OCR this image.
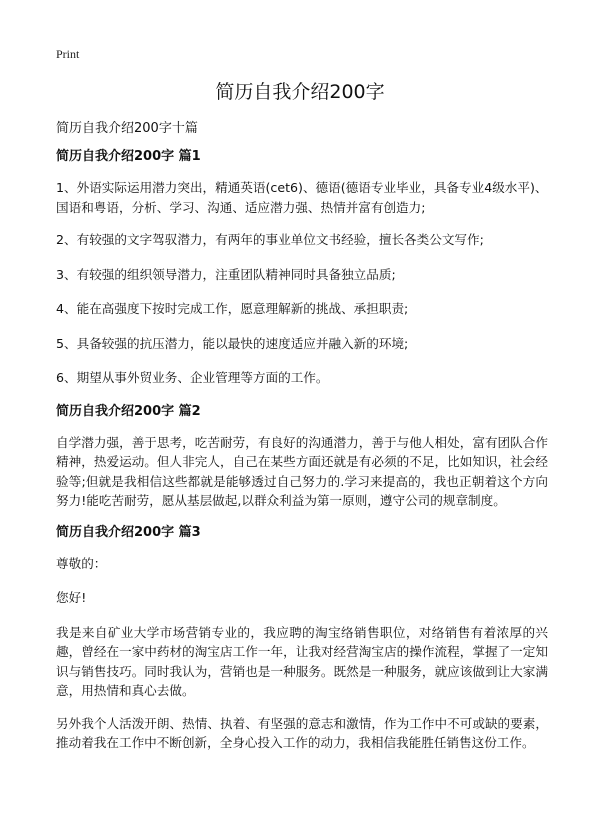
Print
简历自我介绍200字
简历自我介绍200字十篇
简历自我介绍200字 篇1

1、外语实际运用潜力突出，精通英语(cet6)、德语(德语专业毕业，具备专业4级水平)、国语和粤语，分析、学习、沟通、适应潜力强、热情并富有创造力;

2、有较强的文字驾驭潜力，有两年的事业单位文书经验，擅长各类公文写作;

3、有较强的组织领导潜力，注重团队精神同时具备独立品质;

4、能在高强度下按时完成工作，愿意理解新的挑战、承担职责;

5、具备较强的抗压潜力，能以最快的速度适应并融入新的环境;

6、期望从事外贸业务、企业管理等方面的工作。

简历自我介绍200字 篇2

自学潜力强，善于思考，吃苦耐劳，有良好的沟通潜力，善于与他人相处，富有团队合作精神，热爱运动。但人非完人，自己在某些方面还就是有必须的不足，比如知识，社会经验等;但就是我相信这些都就是能够透过自己努力的.学习来提高的，我也正朝着这个方向努力!能吃苦耐劳，愿从基层做起,以群众利益为第一原则，遵守公司的规章制度。

简历自我介绍200字 篇3

尊敬的：

您好!

我是来自矿业大学市场营销专业的，我应聘的淘宝络销售职位，对络销售有着浓厚的兴趣，曾经在一家中药材的淘宝店工作一年，让我对经营淘宝店的操作流程，掌握了一定知识与销售技巧。同时我认为，营销也是一种服务。既然是一种服务，就应该做到让大家满意，用热情和真心去做。

另外我个人活泼开朗、热情、执着、有坚强的意志和激情，作为工作中不可或缺的要素，推动着我在工作中不断创新，全身心投入工作的动力，我相信我能胜任销售这份工作。
